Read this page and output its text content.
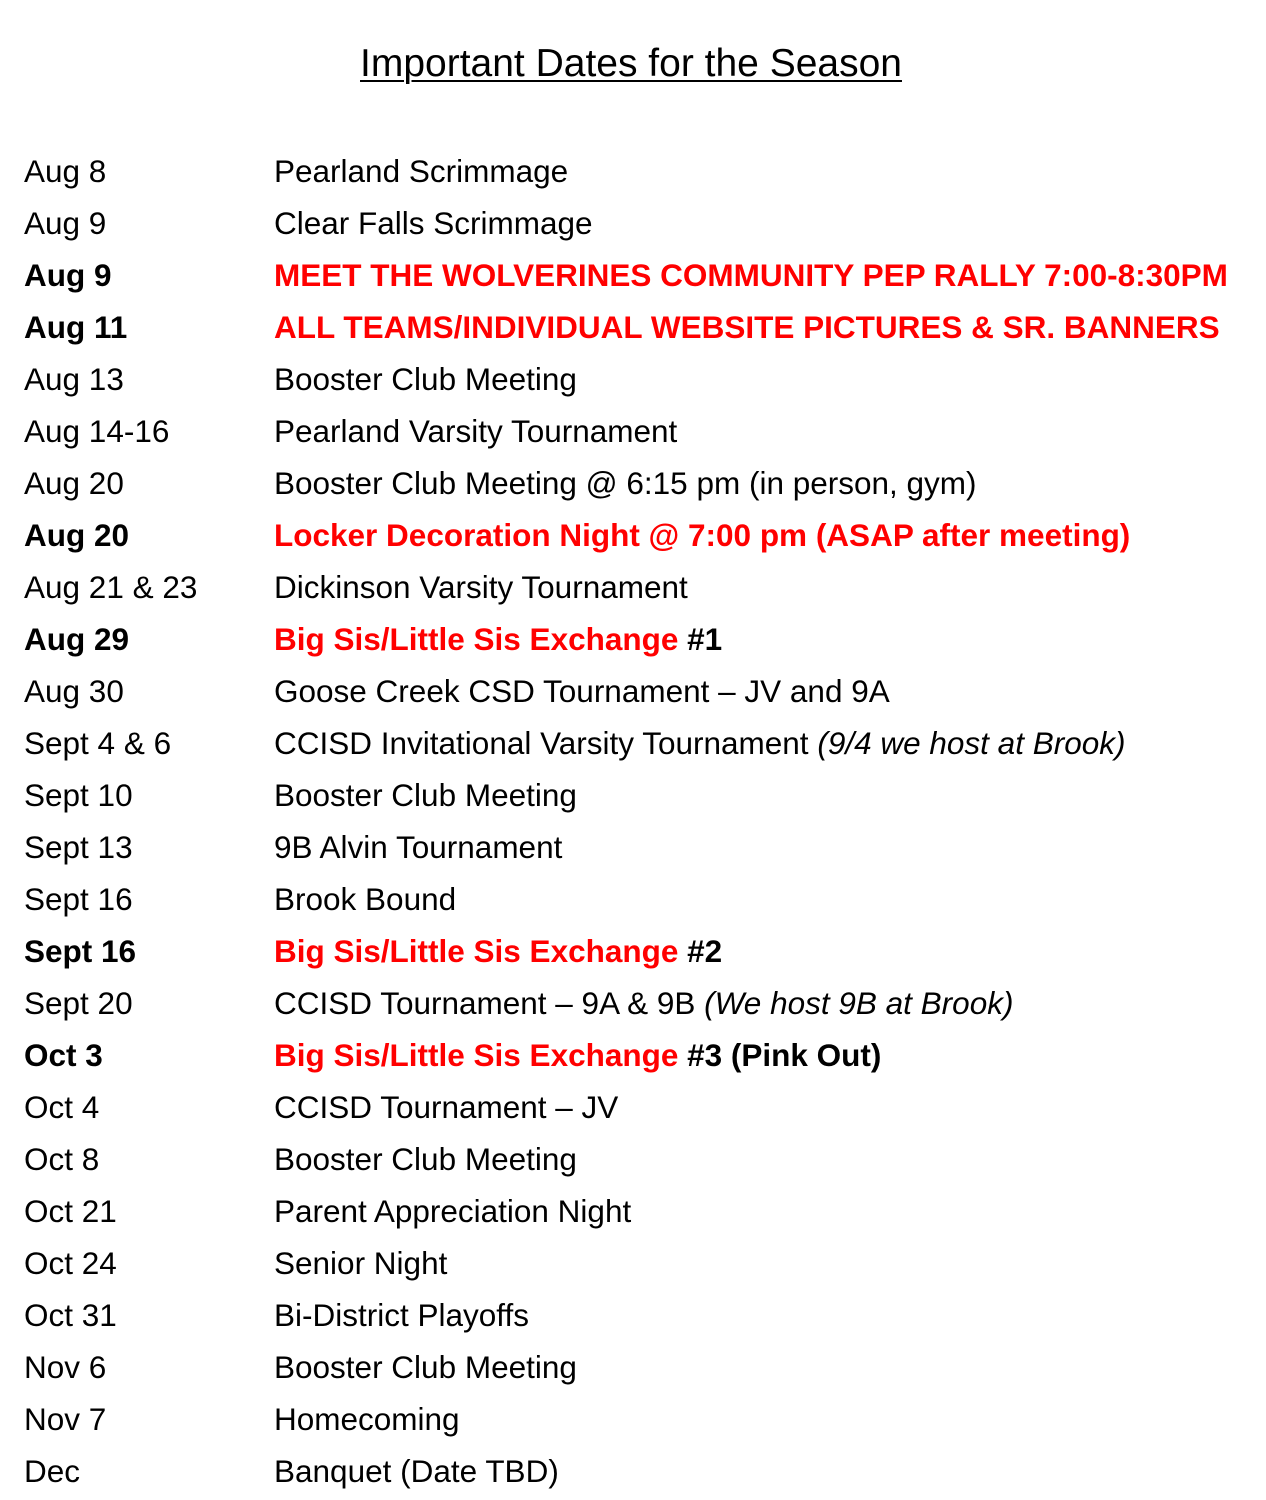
Important Dates for the Season
Aug 8	Pearland Scrimmage
Aug 9	Clear Falls Scrimmage
Aug 9	MEET THE WOLVERINES COMMUNITY PEP RALLY 7:00-8:30PM
Aug 11	ALL TEAMS/INDIVIDUAL WEBSITE PICTURES & SR. BANNERS
Aug 13	Booster Club Meeting
Aug 14-16	Pearland Varsity Tournament
Aug 20	Booster Club Meeting @ 6:15 pm (in person, gym)
Aug 20	Locker Decoration Night @ 7:00 pm (ASAP after meeting)
Aug 21 & 23	Dickinson Varsity Tournament
Aug 29	Big Sis/Little Sis Exchange #1
Aug 30	Goose Creek CSD Tournament – JV and 9A
Sept 4 & 6	CCISD Invitational Varsity Tournament (9/4 we host at Brook)
Sept 10	Booster Club Meeting
Sept 13	9B Alvin Tournament
Sept 16	Brook Bound
Sept 16	Big Sis/Little Sis Exchange #2
Sept 20	CCISD Tournament – 9A & 9B (We host 9B at Brook)
Oct 3	Big Sis/Little Sis Exchange #3 (Pink Out)
Oct 4	CCISD Tournament – JV
Oct 8	Booster Club Meeting
Oct 21	Parent Appreciation Night
Oct 24	Senior Night
Oct 31	Bi-District Playoffs
Nov 6	Booster Club Meeting
Nov 7	Homecoming
Dec	Banquet (Date TBD)
